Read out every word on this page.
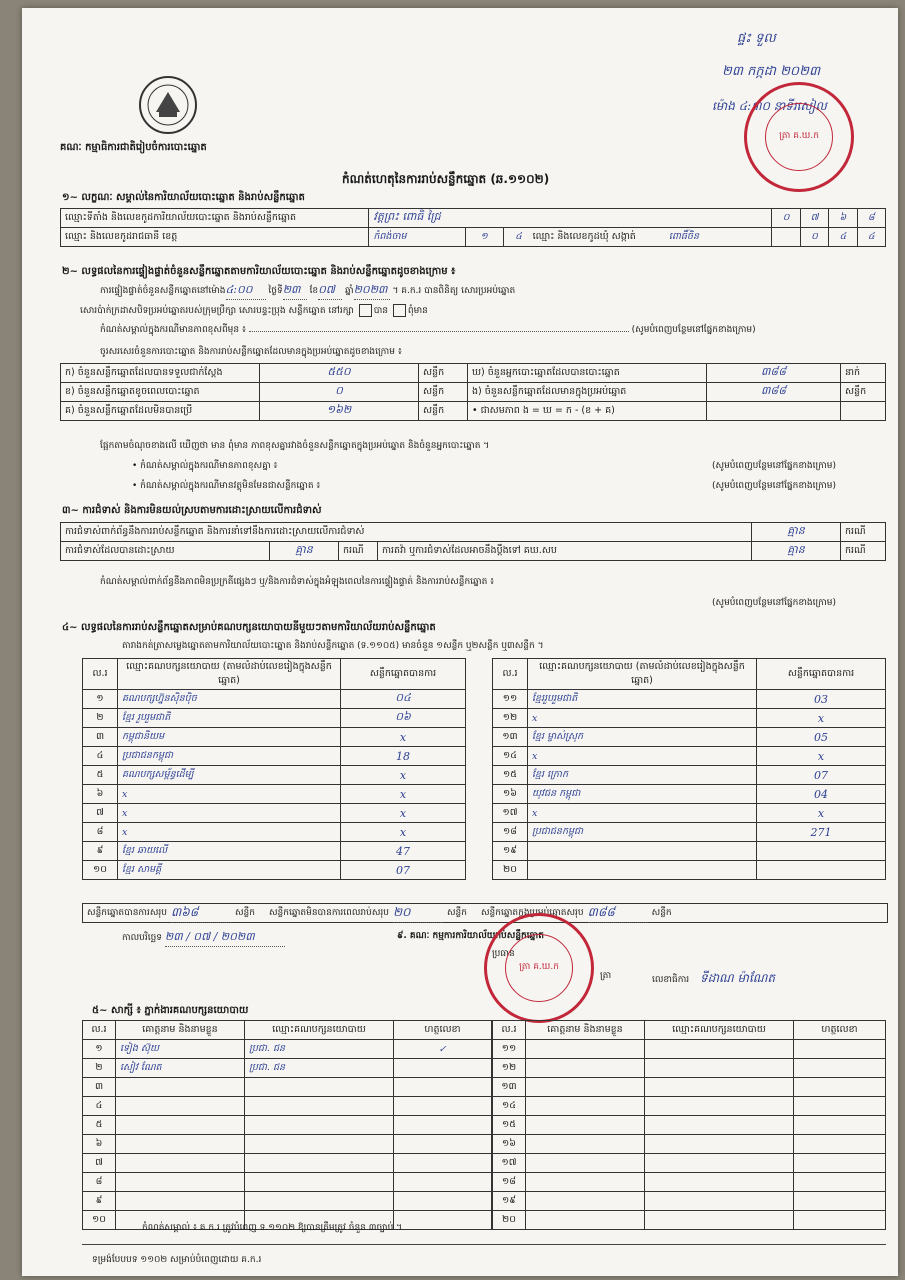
គណៈ កម្មាធិការជាតិរៀបចំការបោះឆ្នោត
ផ្ទះ ទួល
២៣ កក្កដា ២០២៣
ម៉ោង ៤:៣០ នាទីរសៀល
ត្រា គ.ឃ.ក
កំណត់ហេតុនៃការរាប់សន្លឹកឆ្នោត (ឆ.១១០២)
១~ លក្ខណៈ សម្គាល់នៃការិយាល័យបោះឆ្នោត និងរាប់សន្លឹកឆ្នោត
ឈ្មោះទីតាំង និងលេខកូដការិយាល័យបោះឆ្នោត និងរាប់សន្លឹកឆ្នោត	វត្តព្រះ ពោធិ ជ្រៃ			០	៧	៦	៨
ឈ្មោះ និងលេខកូដរាជធានី ខេត្ត	កំពង់ចាម	១	៤ ឈ្មោះ និងលេខកូដឃុំ សង្កាត់ ពោធិ៍ចិន		០	៤	៤
២~ លទ្ធផលនៃការផ្ទៀងផ្ទាត់ចំនួនសន្លឹកឆ្នោតតាមការិយាល័យបោះឆ្នោត និងរាប់សន្លឹកឆ្នោតដូចខាងក្រោម ៖
ការផ្ទៀងផ្ទាត់ចំនួនសន្លឹកឆ្នោតនៅម៉ោង៤:០០ ថ្ងៃទី២៣ ខែ០៧ ឆ្នាំ២០២៣ ។ គ.ក.រ បានពិនិត្យ សោរប្រអប់ឆ្នោត
សោរប៉ាក់ក្រដាសបិទប្រអប់ឆ្នោតរបស់ក្រុមប្រឹក្សា សោរបន្ទះប្រុង សន្លឹកឆ្នោត នៅរក្សា បាន ពុំមាន
កំណត់សម្គាល់ក្នុងករណីមានភាពខុសពីមុន ៖	(សូមបំពេញបន្ថែមនៅផ្នែកខាងក្រោម)
ចូរសរសេរចំនួនការបោះឆ្នោត និងការរាប់សន្លឹកឆ្នោតដែលមានក្នុងប្រអប់ឆ្នោតដូចខាងក្រោម ៖
ក) ចំនួនសន្លឹកឆ្នោតដែលបានទទួលជាក់ស្តែង	៥៥០	សន្លឹក	ឃ) ចំនួនអ្នកបោះឆ្នោតដែលបានបោះឆ្នោត	៣៨៨	នាក់
ខ) ចំនួនសន្លឹកឆ្នោតខូចពេលបោះឆ្នោត	០	សន្លឹក	ង) ចំនួនសន្លឹកឆ្នោតដែលមានក្នុងប្រអប់ឆ្នោត	៣៨៨	សន្លឹក
គ) ចំនួនសន្លឹកឆ្នោតដែលមិនបានប្រើ	១៦២	សន្លឹក	• ជាសមភាព ង = ឃ = ក - (ខ + គ)		
ផ្អែកតាមចំណុចខាងលើ ឃើញថា មាន ពុំមាន ភាពខុសគ្នារវាងចំនួនសន្លឹកឆ្នោតក្នុងប្រអប់ឆ្នោត និងចំនួនអ្នកបោះឆ្នោត ។
• កំណត់សម្គាល់ក្នុងករណីមានភាពខុសគ្នា ៖	(សូមបំពេញបន្ថែមនៅផ្នែកខាងក្រោម)
• កំណត់សម្គាល់ក្នុងករណីមានវត្ថុមិនមែនជាសន្លឹកឆ្នោត ៖	(សូមបំពេញបន្ថែមនៅផ្នែកខាងក្រោម)
៣~ ការជំទាស់ និងការមិនយល់ស្របតាមការដោះស្រាយលើការជំទាស់
ការជំទាស់ពាក់ព័ន្ធនឹងការរាប់សន្លឹកឆ្នោត និងការនាំទៅនឹងការដោះស្រាយលើការជំទាស់				គ្មាន	ករណី
ការជំទាស់ដែលបានដោះស្រាយ	គ្មាន	ករណី	ការតវ៉ា ឬការជំទាស់ដែលអាចនឹងប្តឹងទៅ គឃ.សប	គ្មាន	ករណី
កំណត់សម្គាល់ពាក់ព័ន្ធនឹងភាពមិនប្រក្រតីផ្សេងៗ ឬ/និងការជំទាស់ក្នុងអំឡុងពេលនៃការផ្ទៀងផ្ទាត់ និងការរាប់សន្លឹកឆ្នោត ៖
(សូមបំពេញបន្ថែមនៅផ្នែកខាងក្រោម)
៤~ លទ្ធផលនៃការរាប់សន្លឹកឆ្នោតសម្រាប់គណបក្សនយោបាយនីមួយៗតាមការិយាល័យរាប់សន្លឹកឆ្នោត
តារាងកត់ត្រាសម្លេងឆ្នោតតាមការិយាល័យបោះឆ្នោត និងរាប់សន្លឹកឆ្នោត (ទ.១១០៥) មានចំនួន ១សន្លឹក ឬ២សន្លឹក ឬ៣សន្លឹក ។
ល.រ	ឈ្មោះគណបក្សនយោបាយ (តាមលំដាប់លេខរៀងក្នុងសន្លឹកឆ្នោត)	សន្លឹកឆ្នោតបានការ
១	គណបក្សហ្វ៊ុនស៊ិនប៉ិច	០៤
២	ខ្មែរ រួបរួមជាតិ	០៦
៣	កម្ពុជានិយម	x
៤	ប្រជាជនកម្ពុជា	18
៥	គណបក្សសម្ព័ន្ធដើម្បី	x
៦	x	x
៧	x	x
៨	x	x
៩	ខ្មែរ ឆាយលើ	47
១០	ខ្មែរ សាមគ្គី	07
ល.រ	ឈ្មោះគណបក្សនយោបាយ (តាមលំដាប់លេខរៀងក្នុងសន្លឹកឆ្នោត)	សន្លឹកឆ្នោតបានការ
១១	ខ្មែររួបរួមជាតិ	03
១២	x	x
១៣	ខ្មែរ ម្ចាស់ស្រុក	05
១៤	x	x
១៥	ខ្មែរ ក្រោក	07
១៦	យុវជន កម្ពុជា	04
១៧	x	x
១៨	ប្រជាជនកម្ពុជា	271
១៩		
២០		
សន្លឹកឆ្នោតបានការសរុប ៣៦៨	សន្លឹក សន្លឹកឆ្នោតមិនបានការពេលរាប់សរុប ២០	សន្លឹក សន្លឹកឆ្នោតក្នុងប្រអប់ឆ្នោតសរុប ៣៨៨	សន្លឹក
កាលបរិច្ឆេទ ២៣ / ០៧ / ២០២៣	៩. គណៈ កម្មការការិយាល័យរាប់សន្លឹកឆ្នោត
ប្រធាន
ត្រា
ត្រា គ.ឃ.ក
លេខាធិការ ទីដាណ ម៉ាណែត
៥~ សាក្សី ៖ ភ្នាក់ងារគណបក្សនយោបាយ
ល.រ	គោត្តនាម និងនាមខ្លួន	ឈ្មោះគណបក្សនយោបាយ	ហត្ថលេខា
១	ទៀង ស៊ុយ	ប្រជា. ជន	✓
២	សៀវ ណែត	ប្រជា. ជន	
៣			
៤			
៥			
៦			
៧			
៨			
៩			
១០			
ល.រ	គោត្តនាម និងនាមខ្លួន	ឈ្មោះគណបក្សនយោបាយ	ហត្ថលេខា
១១			
១២			
១៣			
១៤			
១៥			
១៦			
១៧			
១៨			
១៩			
២០			
កំណត់សម្គាល់ ៖ គ.ក.រ ត្រូវបំពេញ ទ.១១០២ ឱ្យបានត្រឹមត្រូវ ចំនួន ៣ច្បាប់ ។
ទម្រង់បែបបទ ១១០២ សម្រាប់បំពេញដោយ គ.ក.រ
